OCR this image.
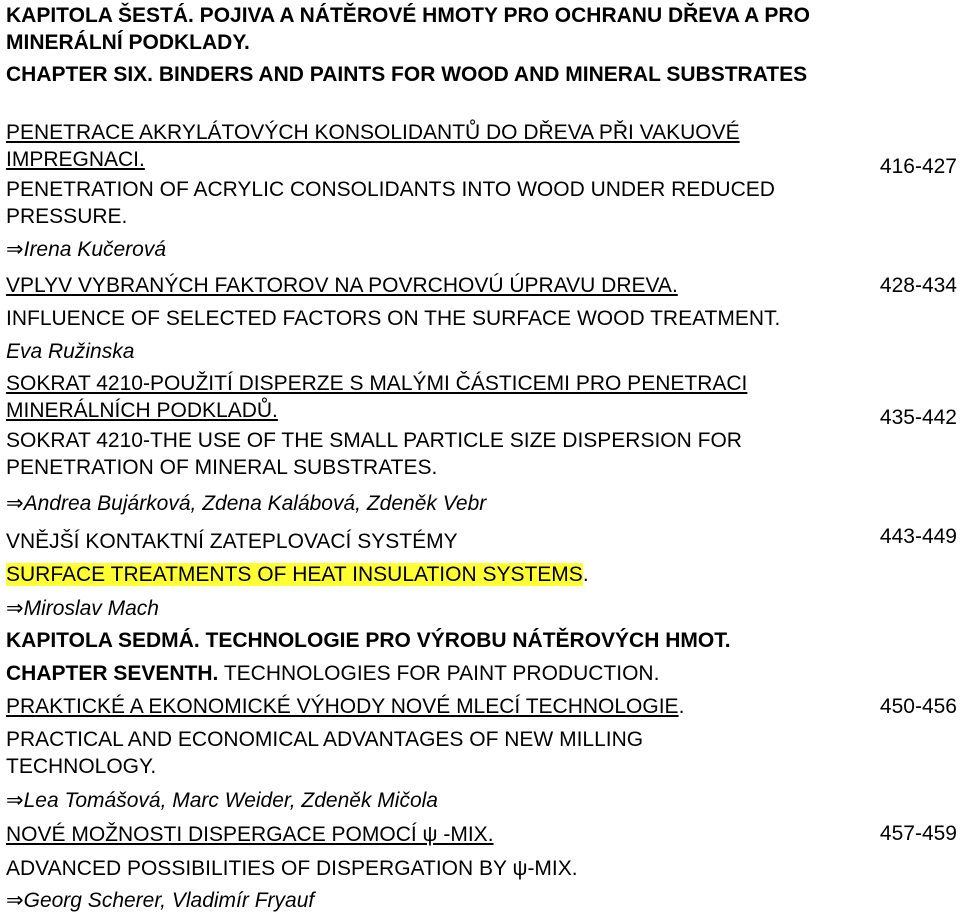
KAPITOLA ŠESTÁ. POJIVA A NÁTĚROVÉ HMOTY PRO OCHRANU DŘEVA A PRO MINERÁLNÍ PODKLADY.
CHAPTER SIX. BINDERS AND PAINTS FOR WOOD AND MINERAL SUBSTRATES
PENETRACE AKRYLÁTOVÝCH KONSOLIDANTŮ DO DŘEVA PŘI VAKUOVÉ IMPREGNACI.
PENETRATION OF ACRYLIC CONSOLIDANTS INTO WOOD UNDER REDUCED PRESSURE.
⇒Irena Kučerová
416-427
VPLYV VYBRANÝCH FAKTOROV NA POVRCHOVÚ ÚPRAVU DREVA.
INFLUENCE OF SELECTED FACTORS ON THE SURFACE WOOD TREATMENT.
Eva Ružinska
428-434
SOKRAT 4210-POUŽITÍ DISPERZE S MALÝMI ČÁSTICEMI PRO PENETRACI MINERÁLNÍCH PODKLADŮ.
SOKRAT 4210-THE USE OF THE SMALL PARTICLE SIZE DISPERSION FOR PENETRATION OF MINERAL SUBSTRATES.
⇒Andrea Bujárková, Zdena Kalábová, Zdeněk Vebr
435-442
VNĚJŠÍ KONTAKTNÍ ZATEPLOVACÍ SYSTÉMY
SURFACE TREATMENTS OF HEAT INSULATION SYSTEMS.
⇒Miroslav Mach
443-449
KAPITOLA SEDMÁ. TECHNOLOGIE PRO VÝROBU NÁTĚROVÝCH HMOT.
CHAPTER SEVENTH. TECHNOLOGIES FOR PAINT PRODUCTION.
PRAKTICKÉ A EKONOMICKÉ VÝHODY NOVÉ MLECÍ TECHNOLOGIE.
PRACTICAL AND ECONOMICAL ADVANTAGES OF NEW MILLING TECHNOLOGY.
⇒Lea Tomášová, Marc Weider, Zdeněk Mičola
450-456
NOVÉ MOŽNOSTI DISPERGACE POMOCÍ ψ -MIX.
ADVANCED POSSIBILITIES OF DISPERGATION BY ψ-MIX.
⇒Georg Scherer, Vladimír Fryauf
457-459
